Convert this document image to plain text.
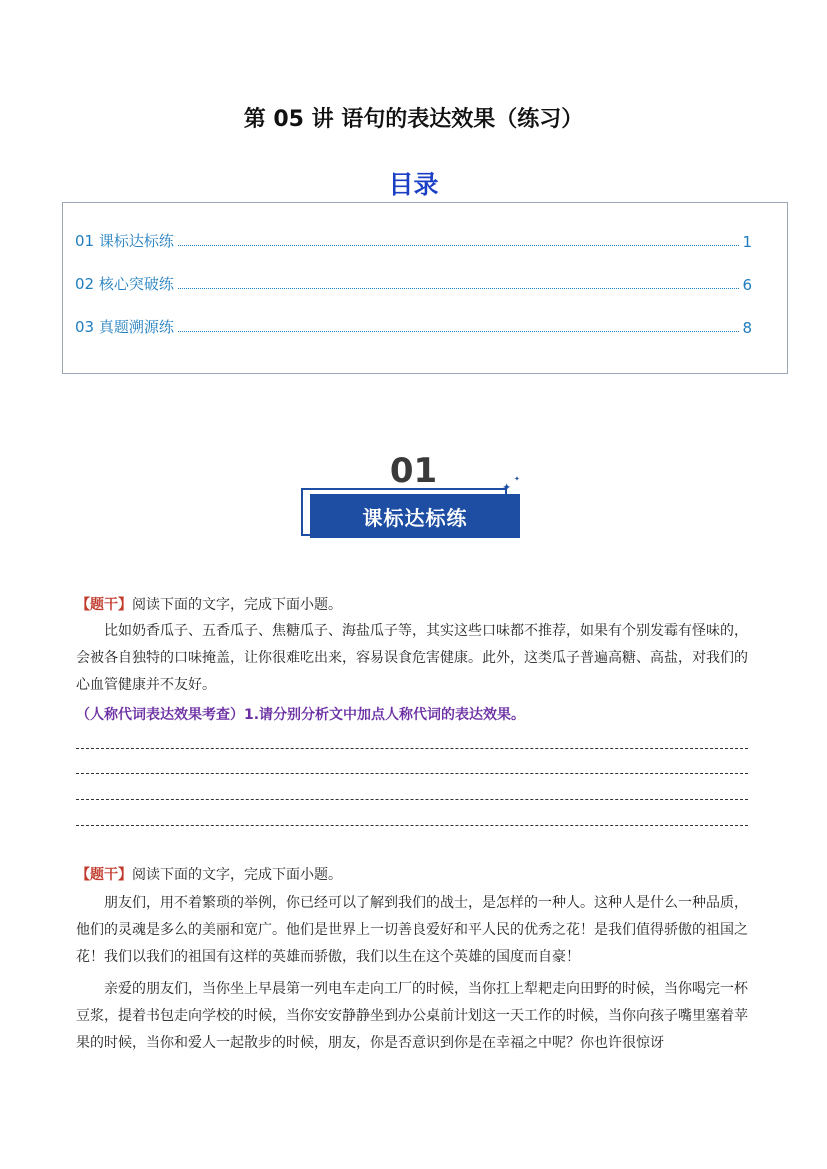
第 05 讲 语句的表达效果（练习）
目录
01 课标达标练	1
02 核心突破练	6
03 真题溯源练	8
01
课标达标练
✦
✦
【题干】阅读下面的文字，完成下面小题。
比如奶香瓜子、五香瓜子、焦糖瓜子、海盐瓜子等，其实这些口味都不推荐，如果有个别发霉有怪味的，会被各自独特的口味掩盖，让你很难吃出来，容易误食危害健康。此外，这类瓜子普遍高糖、高盐，对我们的心血管健康并不友好。
（人称代词表达效果考查）1.请分别分析文中加点人称代词的表达效果。
【题干】阅读下面的文字，完成下面小题。
朋友们，用不着繁琐的举例，你已经可以了解到我们的战士，是怎样的一种人。这种人是什么一种品质，他们的灵魂是多么的美丽和宽广。他们是世界上一切善良爱好和平人民的优秀之花！是我们值得骄傲的祖国之花！我们以我们的祖国有这样的英雄而骄傲，我们以生在这个英雄的国度而自豪！
亲爱的朋友们，当你坐上早晨第一列电车走向工厂的时候，当你扛上犁耙走向田野的时候，当你喝完一杯豆浆，提着书包走向学校的时候，当你安安静静坐到办公桌前计划这一天工作的时候，当你向孩子嘴里塞着苹果的时候，当你和爱人一起散步的时候，朋友，你是否意识到你是在幸福之中呢？你也许很惊讶
